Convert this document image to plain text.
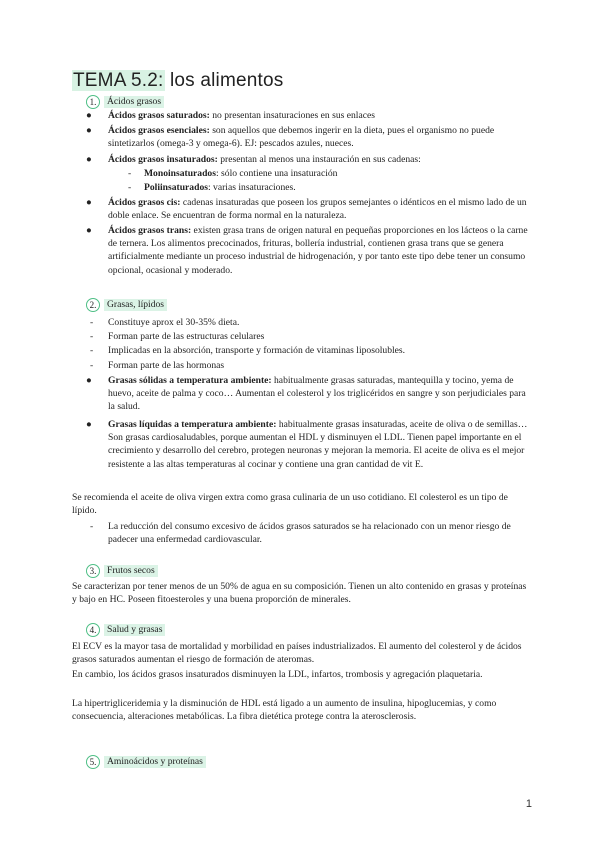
TEMA 5.2: los alimentos
1.	Ácidos grasos
● Ácidos grasos saturados: no presentan insaturaciones en sus enlaces
● Ácidos grasos esenciales: son aquellos que debemos ingerir en la dieta, pues el organismo no puede sintetizarlos (omega-3 y omega-6). EJ: pescados azules, nueces.
● Ácidos grasos insaturados: presentan al menos una instauración en sus cadenas:
- Monoinsaturados: sólo contiene una insaturación
- Poliinsaturados: varias insaturaciones.
● Ácidos grasos cis: cadenas insaturadas que poseen los grupos semejantes o idénticos en el mismo lado de un doble enlace. Se encuentran de forma normal en la naturaleza.
● Ácidos grasos trans: existen grasa trans de origen natural en pequeñas proporciones en los lácteos o la carne de ternera. Los alimentos precocinados, frituras, bollería industrial, contienen grasa trans que se genera artificialmente mediante un proceso industrial de hidrogenación, y por tanto este tipo debe tener un consumo opcional, ocasional y moderado.
2.	Grasas, lípidos
- Constituye aprox el 30-35% dieta.
- Forman parte de las estructuras celulares
- Implicadas en la absorción, transporte y formación de vitaminas liposolubles.
- Forman parte de las hormonas
● Grasas sólidas a temperatura ambiente: habitualmente grasas saturadas, mantequilla y tocino, yema de huevo, aceite de palma y coco… Aumentan el colesterol y los triglicéridos en sangre y son perjudiciales para la salud.
● Grasas líquidas a temperatura ambiente: habitualmente grasas insaturadas, aceite de oliva o de semillas… Son grasas cardiosaludables, porque aumentan el HDL y disminuyen el LDL. Tienen papel importante en el crecimiento y desarrollo del cerebro, protegen neuronas y mejoran la memoria. El aceite de oliva es el mejor resistente a las altas temperaturas al cocinar y contiene una gran cantidad de vit E.
Se recomienda el aceite de oliva virgen extra como grasa culinaria de un uso cotidiano. El colesterol es un tipo de lípido.
- La reducción del consumo excesivo de ácidos grasos saturados se ha relacionado con un menor riesgo de padecer una enfermedad cardiovascular.
3.	Frutos secos
Se caracterizan por tener menos de un 50% de agua en su composición. Tienen un alto contenido en grasas y proteínas y bajo en HC. Poseen fitoesteroles y una buena proporción de minerales.
4.	Salud y grasas
El ECV es la mayor tasa de mortalidad y morbilidad en países industrializados. El aumento del colesterol y de ácidos grasos saturados aumentan el riesgo de formación de ateromas.
En cambio, los ácidos grasos insaturados disminuyen la LDL, infartos, trombosis y agregación plaquetaria.
La hipertrigliceridemia y la disminución de HDL está ligado a un aumento de insulina, hipoglucemias, y como consecuencia, alteraciones metabólicas. La fibra dietética protege contra la aterosclerosis.
5.	Aminoácidos y proteínas
1
